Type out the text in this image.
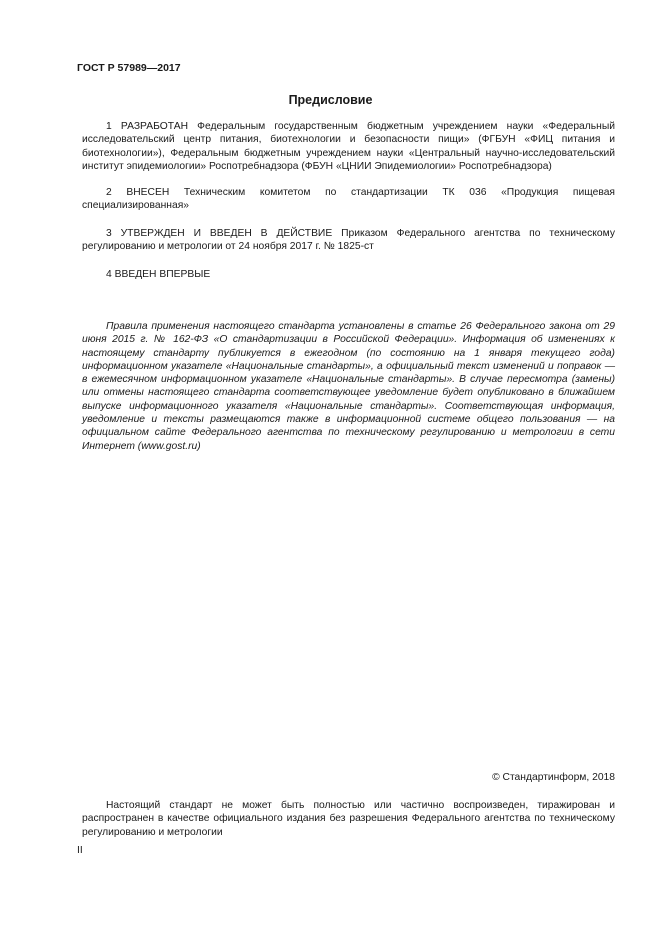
ГОСТ Р 57989—2017
Предисловие

1 РАЗРАБОТАН Федеральным государственным бюджетным учреждением науки «Федеральный исследовательский центр питания, биотехнологии и безопасности пищи» (ФГБУН «ФИЦ питания и биотехнологии»), Федеральным бюджетным учреждением науки «Центральный научно-исследовательский институт эпидемиологии» Роспотребнадзора (ФБУН «ЦНИИ Эпидемиологии» Роспотребнадзора)

2 ВНЕСЕН Техническим комитетом по стандартизации ТК 036 «Продукция пищевая специализированная»

3 УТВЕРЖДЕН И ВВЕДЕН В ДЕЙСТВИЕ Приказом Федерального агентства по техническому регулированию и метрологии от 24 ноября 2017 г. № 1825-ст

4 ВВЕДЕН ВПЕРВЫЕ

Правила применения настоящего стандарта установлены в статье 26 Федерального закона от 29 июня 2015 г. № 162-ФЗ «О стандартизации в Российской Федерации». Информация об изменениях к настоящему стандарту публикуется в ежегодном (по состоянию на 1 января текущего года) информационном указателе «Национальные стандарты», а официальный текст изменений и поправок — в ежемесячном информационном указателе «Национальные стандарты». В случае пересмотра (замены) или отмены настоящего стандарта соответствующее уведомление будет опубликовано в ближайшем выпуске информационного указателя «Национальные стандарты». Соответствующая информация, уведомление и тексты размещаются также в информационной системе общего пользования — на официальном сайте Федерального агентства по техническому регулированию и метрологии в сети Интернет (www.gost.ru)

© Стандартинформ, 2018

Настоящий стандарт не может быть полностью или частично воспроизведен, тиражирован и распространен в качестве официального издания без разрешения Федерального агентства по техническому регулированию и метрологии

II
